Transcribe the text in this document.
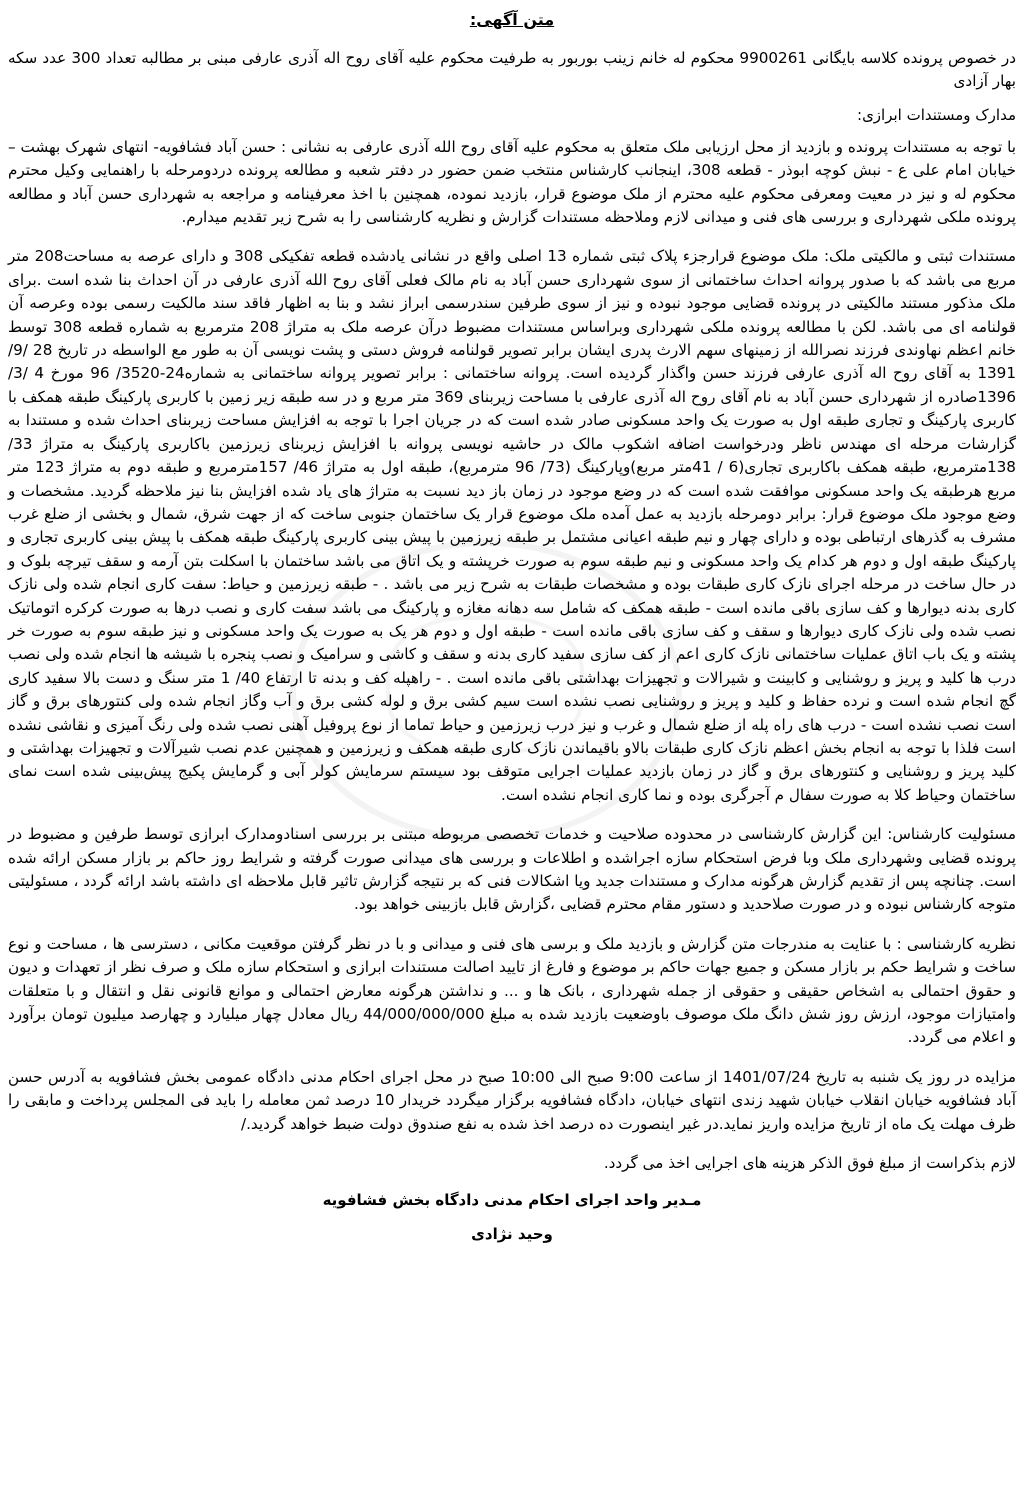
متن آگهی:

در خصوص پرونده کلاسه بایگانی 9900261 محکوم له خانم زینب بوربور به طرفیت محکوم علیه آقای روح اله آذری عارفی مبنی بر مطالبه تعداد 300 عدد سکه بهار آزادی

مدارک ومستندات ابرازی:

با توجه به مستندات پرونده و بازدید از محل ارزیابی ملک متعلق به محکوم علیه آقای روح الله آذری عارفی به نشانی : حسن آباد فشافویه- انتهای شهرک بهشت – خیابان امام علی ع - نبش کوچه ابوذر - قطعه 308، اینجانب کارشناس منتخب ضمن حضور در دفتر شعبه و مطالعه پرونده دردومرحله با راهنمایی وکیل محترم محکوم له و نیز در معیت ومعرفی محکوم علیه محترم از ملک موضوع قرار، بازدید نموده، همچنین با اخذ معرفینامه و مراجعه به شهرداری حسن آباد و مطالعه پرونده ملکی شهرداری و بررسی های فنی و میدانی لازم وملاحظه مستندات گزارش و نظریه کارشناسی را به شرح زیر تقدیم میدارم.

مستندات ثبتی و مالکیتی ملک: ملک موضوع قرارجزء پلاک ثبتی شماره 13 اصلی واقع در نشانی یادشده قطعه تفکیکی 308 و دارای عرصه به مساحت208 متر مربع می باشد که با صدور پروانه احداث ساختمانی از سوی شهرداری حسن آباد به نام مالک فعلی آقای روح الله آذری عارفی در آن احداث بنا شده است .برای ملک مذکور مستند مالکیتی در پرونده قضایی موجود نبوده و نیز از سوی طرفین سندرسمی ابراز نشد و بنا به اظهار فاقد سند مالکیت رسمی بوده وعرصه آن قولنامه ای می باشد. لکن با مطالعه پرونده ملکی شهرداری وبراساس مستندات مضبوط درآن عرصه ملک به متراژ 208 مترمربع به شماره قطعه 308 توسط خانم اعظم نهاوندی فرزند نصرالله از زمینهای سهم الارث پدری ایشان برابر تصویر قولنامه فروش دستی و پشت نویسی آن به طور مع الواسطه در تاریخ 28 /9/ 1391 به آقای روح اله آذری عارفی فرزند حسن واگذار گردیده است. پروانه ساختمانی : برابر تصویر پروانه ساختمانی به شماره24-3520/ 96 مورخ 4 /3/ 1396صادره از شهرداری حسن آباد به نام آقای روح اله آذری عارفی با مساحت زیربنای 369 متر مربع و در سه طبقه زیر زمین با کاربری پارکینگ طبقه همکف با کاربری پارکینگ و تجاری طبقه اول به صورت یک واحد مسکونی صادر شده است که در جریان اجرا با توجه به افزایش مساحت زیربنای احداث شده و مستندا به گزارشات مرحله ای مهندس ناظر ودرخواست اضافه اشکوب مالک در حاشیه نویسی پروانه با افزایش زیربنای زیرزمین باکاربری پارکینگ به متراژ 33/ 138مترمربع، طبقه همکف باکاربری تجاری(6 / 41متر مربع)وپارکینگ (73/ 96 مترمربع)، طبقه اول به متراژ 46/ 157مترمربع و طبقه دوم به متراژ 123 متر مربع هرطبقه یک واحد مسکونی موافقت شده است که در وضع موجود در زمان باز دید نسبت به متراژ های یاد شده افزایش بنا نیز ملاحظه گردید. مشخصات و وضع موجود ملک موضوع قرار: برابر دومرحله بازدید به عمل آمده ملک موضوع قرار یک ساختمان جنوبی ساخت که از جهت شرق، شمال و بخشی از ضلع غرب مشرف به گذرهای ارتباطی بوده و دارای چهار و نیم طبقه اعیانی مشتمل بر طبقه زیرزمین با پیش بینی کاربری پارکینگ طبقه همکف با پیش بینی کاربری تجاری و پارکینگ طبقه اول و دوم هر کدام یک واحد مسکونی و نیم طبقه سوم به صورت خرپشته و یک اتاق می باشد ساختمان با اسکلت بتن آرمه و سقف تیرچه بلوک و در حال ساخت در مرحله اجرای نازک کاری طبقات بوده و مشخصات طبقات به شرح زیر می باشد . - طبقه زیرزمین و حیاط: سفت کاری انجام شده ولی نازک کاری بدنه دیوارها و کف سازی باقی مانده است - طبقه همکف که شامل سه دهانه مغازه و پارکینگ می باشد سفت کاری و نصب درها به صورت کرکره اتوماتیک نصب شده ولی نازک کاری دیوارها و سقف و کف سازی باقی مانده است - طبقه اول و دوم هر یک به صورت یک واحد مسکونی و نیز طبقه سوم به صورت خر پشته و یک باب اتاق عملیات ساختمانی نازک کاری اعم از کف سازی سفید کاری بدنه و سقف و کاشی و سرامیک و نصب پنجره با شیشه ها انجام شده ولی نصب درب ها کلید و پریز و روشنایی و کابینت و شیرالات و تجهیزات بهداشتی باقی مانده است . - راهپله کف و بدنه تا ارتفاع 40/ 1 متر سنگ و دست بالا سفید کاری گچ انجام شده است و نرده حفاظ و کلید و پریز و روشنایی نصب نشده است سیم کشی برق و لوله کشی برق و آب وگاز انجام شده ولی کنتورهای برق و گاز است نصب نشده است - درب های راه پله از ضلع شمال و غرب و نیز درب زیرزمین و حیاط تماما از نوع پروفیل آهنی نصب شده ولی رنگ آمیزی و نقاشی نشده است فلذا با توجه به انجام بخش اعظم نازک کاری طبقات بالاو باقیماندن نازک کاری طبقه همکف و زیرزمین و همچنین عدم نصب شیرآلات و تجهیزات بهداشتی و کلید پریز و روشنایی و کنتورهای برق و گاز در زمان بازدید عملیات اجرایی متوقف بود سیستم سرمایش کولر آبی و گرمایش پکیج پیش‌بینی شده است نمای ساختمان وحیاط کلا به صورت سفال م آجرگری بوده و نما کاری انجام نشده است.

مسئولیت کارشناس: این گزارش کارشناسی در محدوده صلاحیت و خدمات تخصصی مربوطه مبتنی بر بررسی اسنادومدارک ابرازی توسط طرفین و مضبوط در پرونده قضایی وشهرداری ملک وبا فرض استحکام سازه اجراشده و اطلاعات و بررسی های میدانی صورت گرفته و شرایط روز حاکم بر بازار مسکن ارائه شده است. چنانچه پس از تقدیم گزارش هرگونه مدارک و مستندات جدید ویا اشکالات فنی که بر نتیجه گزارش تاثیر قابل ملاحظه ای داشته باشد ارائه گردد ، مسئولیتی متوجه کارشناس نبوده و در صورت صلاحدید و دستور مقام محترم قضایی ،گزارش قابل بازبینی خواهد بود.

نظریه کارشناسی : با عنایت به مندرجات متن گزارش و بازدید ملک و برسی های فنی و میدانی و با در نظر گرفتن موقعیت مکانی ، دسترسی ها ، مساحت و نوع ساخت و شرایط حکم بر بازار مسکن و جمیع جهات حاکم بر موضوع و فارغ از تایید اصالت مستندات ابرازی و استحکام سازه ملک و صرف نظر از تعهدات و دیون و حقوق احتمالی به اشخاص حقیقی و حقوقی از جمله شهرداری ، بانک ها و ... و نداشتن هرگونه معارض احتمالی و موانع قانونی نقل و انتقال و با متعلقات وامتیازات موجود، ارزش روز شش دانگ ملک موصوف باوضعیت بازدید شده به مبلغ 44/000/000/000 ریال معادل چهار میلیارد و چهارصد میلیون تومان برآورد و اعلام می گردد.

مزایده در روز یک شنبه به تاریخ 1401/07/24 از ساعت 9:00 صبح الی 10:00 صبح در محل اجرای احکام مدنی دادگاه عمومی بخش فشافویه به آدرس حسن آباد فشافویه خیابان انقلاب خیابان شهید زندی انتهای خیابان، دادگاه فشافویه برگزار میگردد خریدار 10 درصد ثمن معامله را باید فی المجلس پرداخت و مابقی را ظرف مهلت یک ماه از تاریخ مزایده واریز نماید.در غیر اینصورت ده درصد اخذ شده به نفع صندوق دولت ضبط خواهد گردید./

لازم بذکراست از مبلغ فوق الذکر هزینه های اجرایی اخذ می گردد.

مـدیر واحد اجرای احکام مدنی دادگاه بخش فشافویه

وحید نژادی
